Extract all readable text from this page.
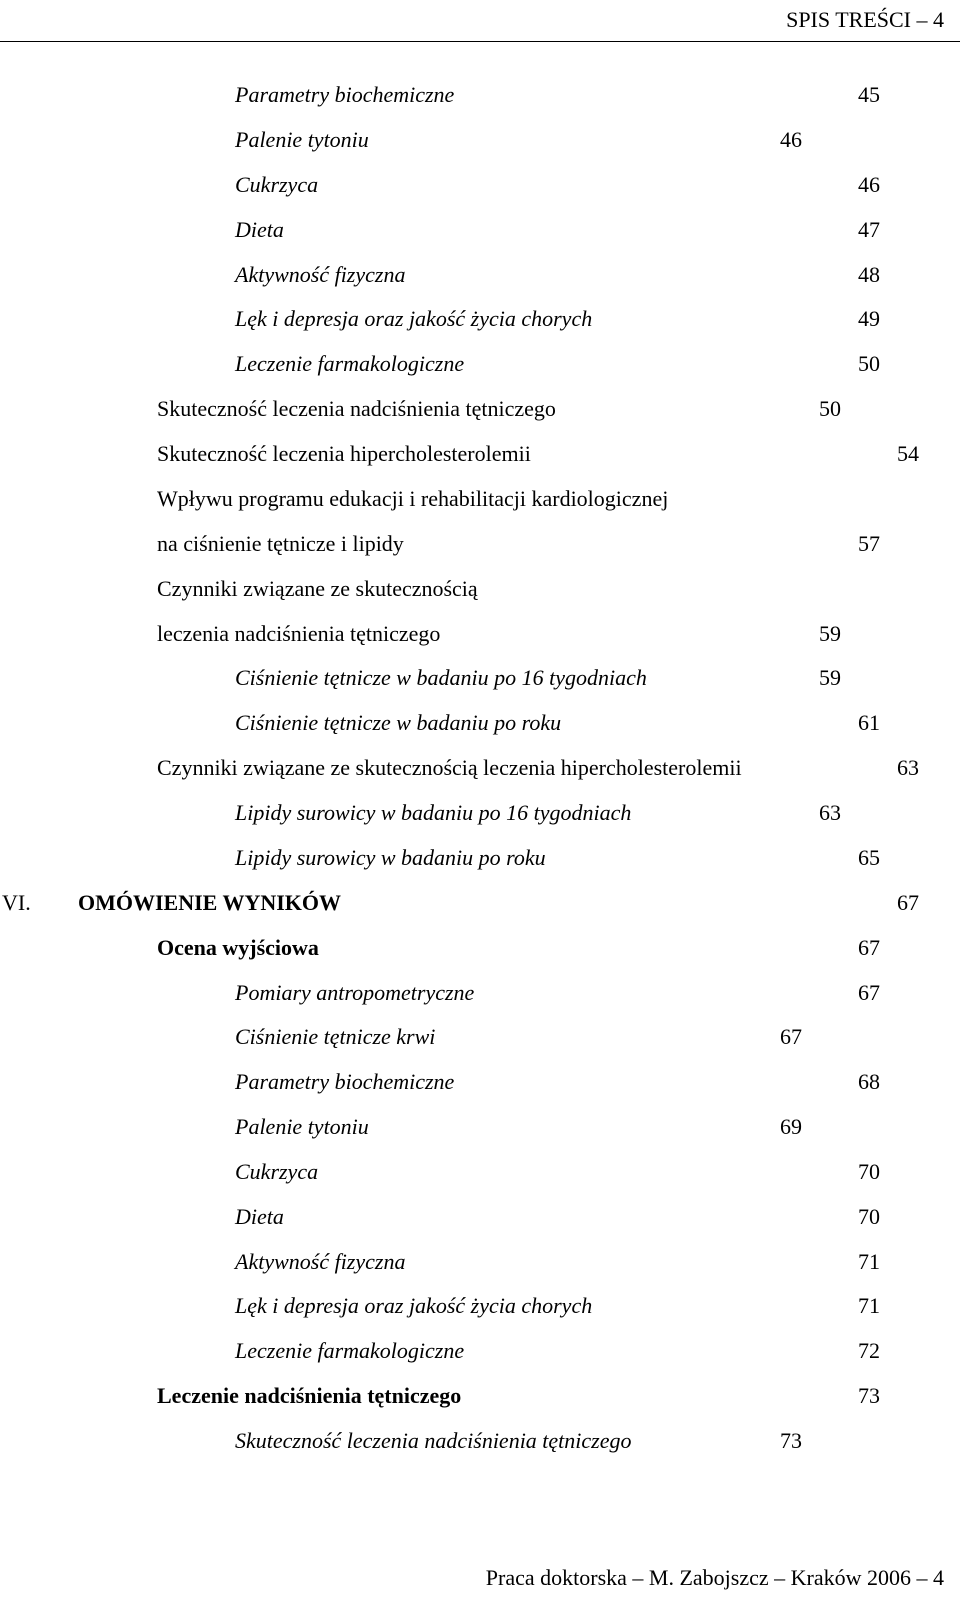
SPIS TREŚCI – 4
Parametry biochemiczne	45
Palenie tytoniu	46
Cukrzyca	46
Dieta	47
Aktywność fizyczna	48
Lęk i depresja oraz jakość życia chorych	49
Leczenie farmakologiczne	50
Skuteczność leczenia nadciśnienia tętniczego	50
Skuteczność leczenia hipercholesterolemii	54
Wpływu programu edukacji i rehabilitacji kardiologicznej
na ciśnienie tętnicze i lipidy	57
Czynniki związane ze skutecznością
leczenia nadciśnienia tętniczego	59
Ciśnienie tętnicze w badaniu po 16 tygodniach	59
Ciśnienie tętnicze w badaniu po roku	61
Czynniki związane ze skutecznością leczenia hipercholesterolemii	63
Lipidy surowicy w badaniu po 16 tygodniach	63
Lipidy surowicy w badaniu po roku	65
VI. OMÓWIENIE WYNIKÓW	67
Ocena wyjściowa	67
Pomiary antropometryczne	67
Ciśnienie tętnicze krwi	67
Parametry biochemiczne	68
Palenie tytoniu	69
Cukrzyca	70
Dieta	70
Aktywność fizyczna	71
Lęk i depresja oraz jakość życia chorych	71
Leczenie farmakologiczne	72
Leczenie nadciśnienia tętniczego	73
Skuteczność leczenia nadciśnienia tętniczego	73
Praca doktorska – M. Zabojszcz – Kraków 2006 – 4
